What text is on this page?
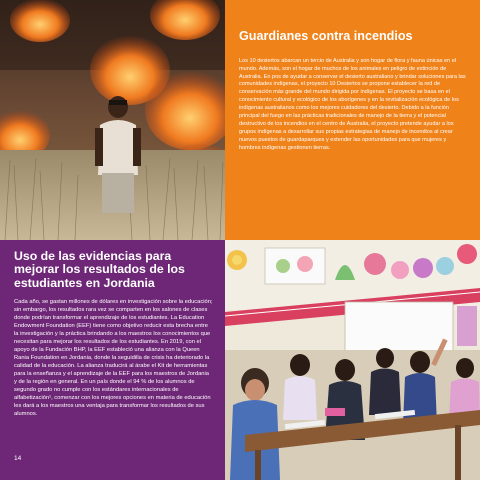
Guardianes contra incendios

Los 10 desiertos abarcan un tercio de Australia y son hogar de flora y fauna únicas en el mundo. Además, son el hogar de muchos de los animales en peligro de extinción de Australia. En pos de ayudar a conservar el desierto australiano y brindar soluciones para las comunidades indígenas, el proyecto 10 Desiertos se propone establecer la red de conservación más grande del mundo dirigida por indígenas. El proyecto se basa en el conocimiento cultural y ecológico de los aborígenes y en la revitalización ecológica de los indígenas australianos como los mejores cuidadores del desierto. Debido a la función principal del fuego en las prácticas tradicionales de manejo de la tierra y el potencial destructivo de los incendios en el centro de Australia, el proyecto pretende ayudar a los grupos indígenas a desarrollar sus propias estrategias de manejo de incendios al crear nuevos puestos de guardaparques y extender las oportunidades para que mujeres y hombres indígenas gestionen tierras.

Uso de las evidencias para mejorar los resultados de los estudiantes en Jordania

Cada año, se gastan millones de dólares en investigación sobre la educación; sin embargo, los resultados rara vez se comparten en los salones de clases donde podrían transformar el aprendizaje de los estudiantes. La Education Endowment Foundation (EEF) tiene como objetivo reducir esta brecha entre la investigación y la práctica brindando a los maestros los conocimientos que necesitan para mejorar los resultados de los estudiantes. En 2019, con el apoyo de la Fundación BHP, la EEF estableció una alianza con la Queen Rania Foundation en Jordania, donde la seguidilla de crisis ha deteriorado la calidad de la educación. La alianza traducirá al árabe el Kit de herramientas para la enseñanza y el aprendizaje de la EEF para los maestros de Jordania y de la región en general. En un país donde el 94 % de los alumnos de segundo grado no cumple con los estándares internacionales de alfabetización¹, comenzar con los mejores opciones en materia de educación les dará a los maestros una ventaja para transformar los resultados de sus alumnos.

14
